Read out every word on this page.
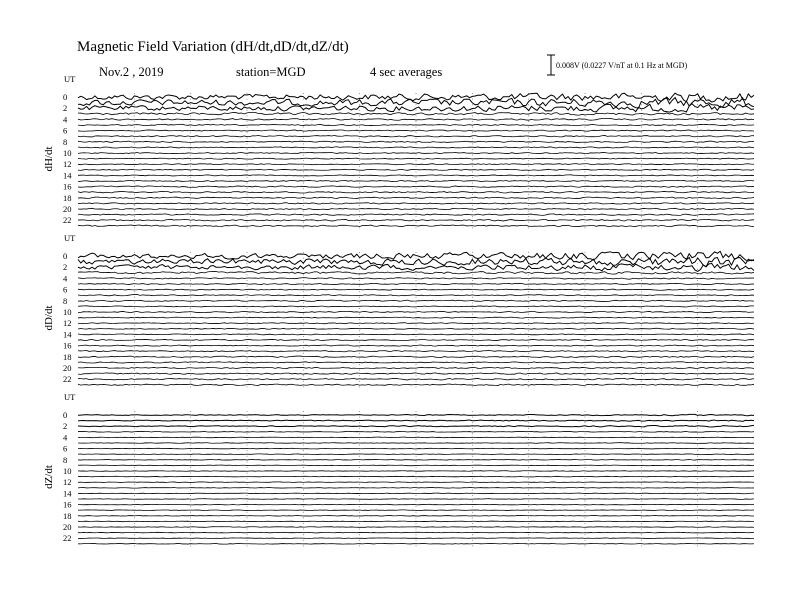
Magnetic Field Variation (dH/dt,dD/dt,dZ/dt)
Nov.2 , 2019	station=MGD	4 sec averages	0.008V (0.0227 V/nT at 0.1 Hz at MGD)
UT
dH/dt
0
2
4
6
8
10
12
14
16
18
20
22
UT
dD/dt
0
2
4
6
8
10
12
14
16
18
20
22
UT
dZ/dt
0
2
4
6
8
10
12
14
16
18
20
22
